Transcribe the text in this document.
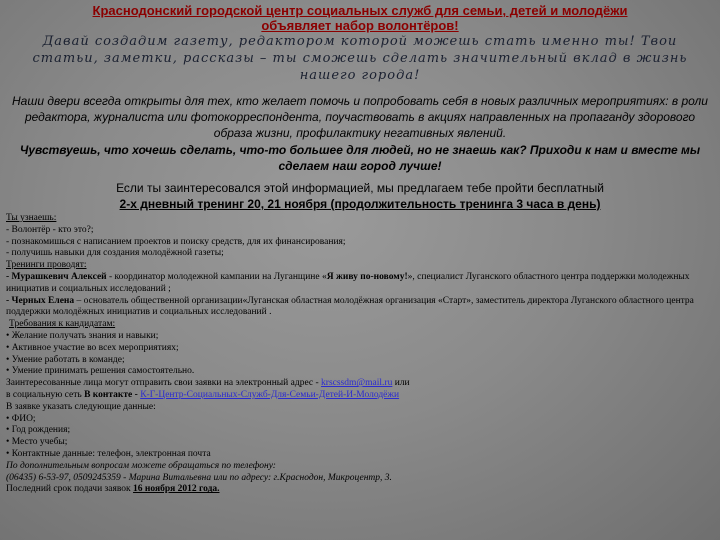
Краснодонский городской центр социальных служб для семьи, детей и молодёжи
объявляет набор волонтёров!
Давай создадим газету, редактором которой можешь стать именно ты! Твои статьи, заметки, рассказы – ты сможешь сделать значительный вклад в жизнь нашего города!
Наши двери всегда открыты для тех, кто желает помочь и попробовать себя в новых различных мероприятиях: в роли редактора, журналиста или фотокорреспондента, поучаствовать в акциях направленных на пропаганду здорового образа жизни, профилактику негативных явлений.
Чувствуешь, что хочешь сделать, что-то большее для людей, но не знаешь как? Приходи к нам и вместе мы сделаем наш город лучше!
Если ты заинтересовался этой информацией, мы предлагаем тебе пройти бесплатный
2-х дневный тренинг 20, 21 ноября (продолжительность тренинга 3 часа в день)
Ты узнаешь:
- Волонтёр - кто это?;
- познакомишься с написанием проектов и поиску средств, для их финансирования;
- получишь навыки для создания молодёжной газеты;
Тренинги проводят:
- Мурашкевич Алексей - координатор молодежной кампании на Луганщине «Я живу по-новому!», специалист Луганского областного центра поддержки молодежных инициатив и социальных исследований ;
- Черных Елена – основатель общественной организации«Луганская областная молодёжная организация «Старт», заместитель директора Луганского областного центра поддержки молодёжных инициатив и социальных исследований .
Требования к кандидатам:
• Желание получать знания и навыки;
• Активное участие во всех мероприятиях;
• Умение работать в команде;
• Умение принимать решения самостоятельно.
Заинтересованные лица могут отправить свои заявки на электронный адрес - krscssdm@mail.ru или
в социальную сеть В контакте - К-Г-Центр-Социальных-Служб-Для-Семьи-Детей-И-Молодёжи
В заявке указать следующие данные:
• ФИО;
• Год рождения;
• Место учебы;
• Контактные данные: телефон, электронная почта
По дополнительным вопросам можете обращаться по телефону:
(06435) 6-53-97, 0509245359 - Марина Витальевна или по адресу: г.Краснодон, Микроцентр, 3.
Последний срок подачи заявок 16 ноября 2012 года.
